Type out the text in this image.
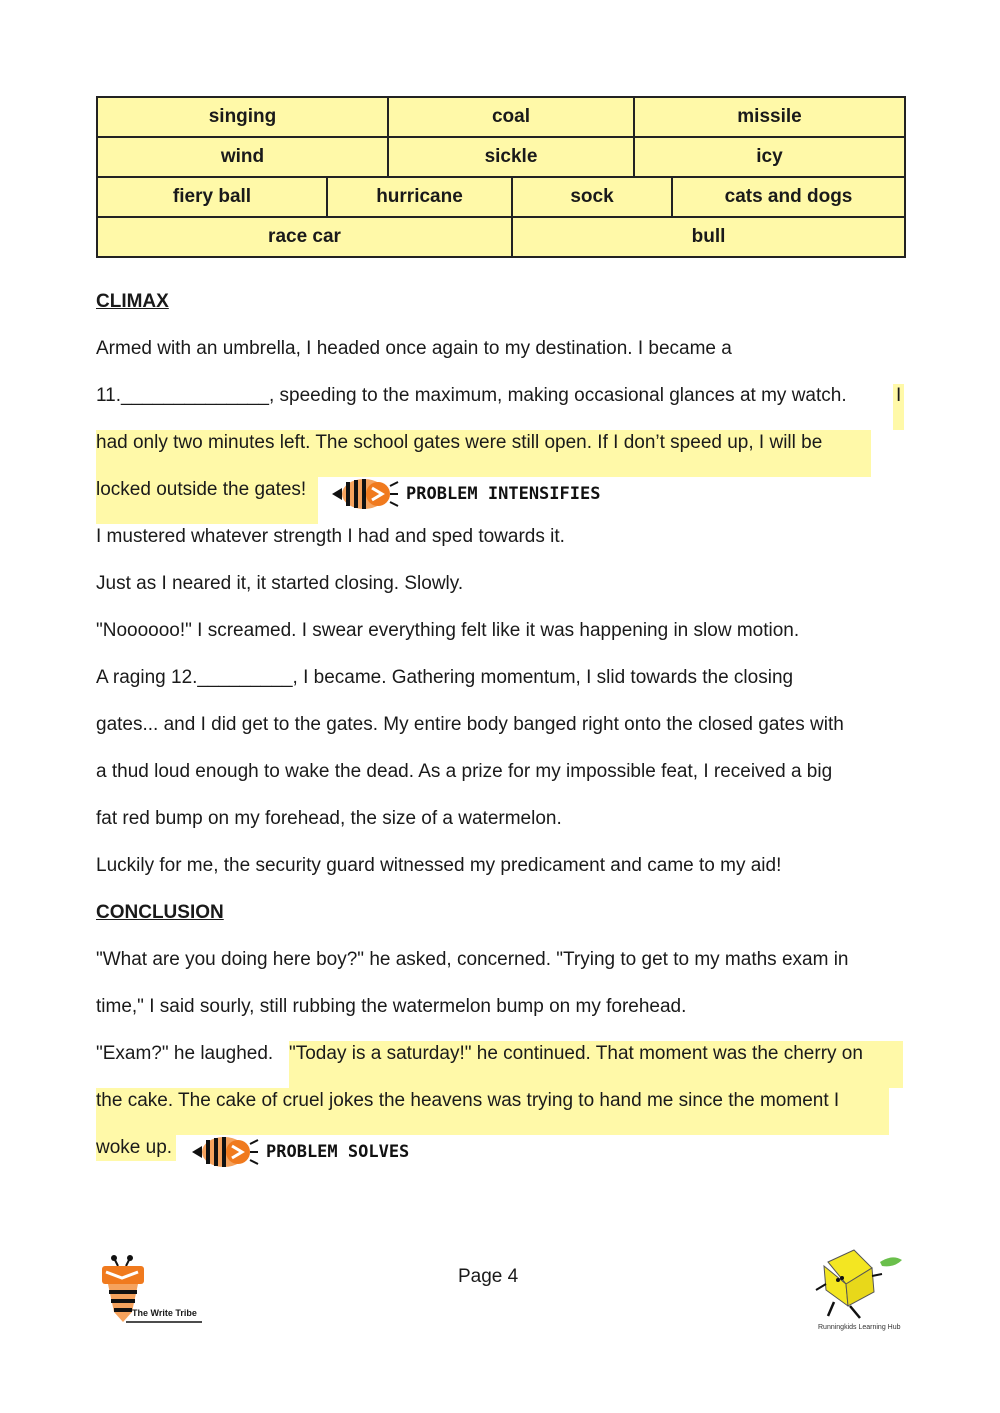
singing		coal		missile	
wind		sickle		icy	
fiery ball	hurricane		sock		cats and dogs
race car			bull		
CLIMAX
Armed with an umbrella, I headed once again to my destination. I became a
11.______________, speeding to the maximum, making occasional glances at my watch.	I
had only two minutes left. The school gates were still open. If I don’t speed up, I will be
locked outside the gates!	PROBLEM INTENSIFIES
I mustered whatever strength I had and sped towards it.
Just as I neared it, it started closing. Slowly.
"Noooooo!" I screamed. I swear everything felt like it was happening in slow motion.
A raging 12._________, I became. Gathering momentum, I slid towards the closing
gates... and I did get to the gates. My entire body banged right onto the closed gates with
a thud loud enough to wake the dead. As a prize for my impossible feat, I received a big
fat red bump on my forehead, the size of a watermelon.
Luckily for me, the security guard witnessed my predicament and came to my aid!
CONCLUSION
"What are you doing here boy?" he asked, concerned. "Trying to get to my maths exam in
time," I said sourly, still rubbing the watermelon bump on my forehead.
"Exam?" he laughed. "Today is a saturday!" he continued. That moment was the cherry on
the cake. The cake of cruel jokes the heavens was trying to hand me since the moment I
woke up.	PROBLEM SOLVES
The Write Tribe
Page 4
Runningkids Learning Hub
